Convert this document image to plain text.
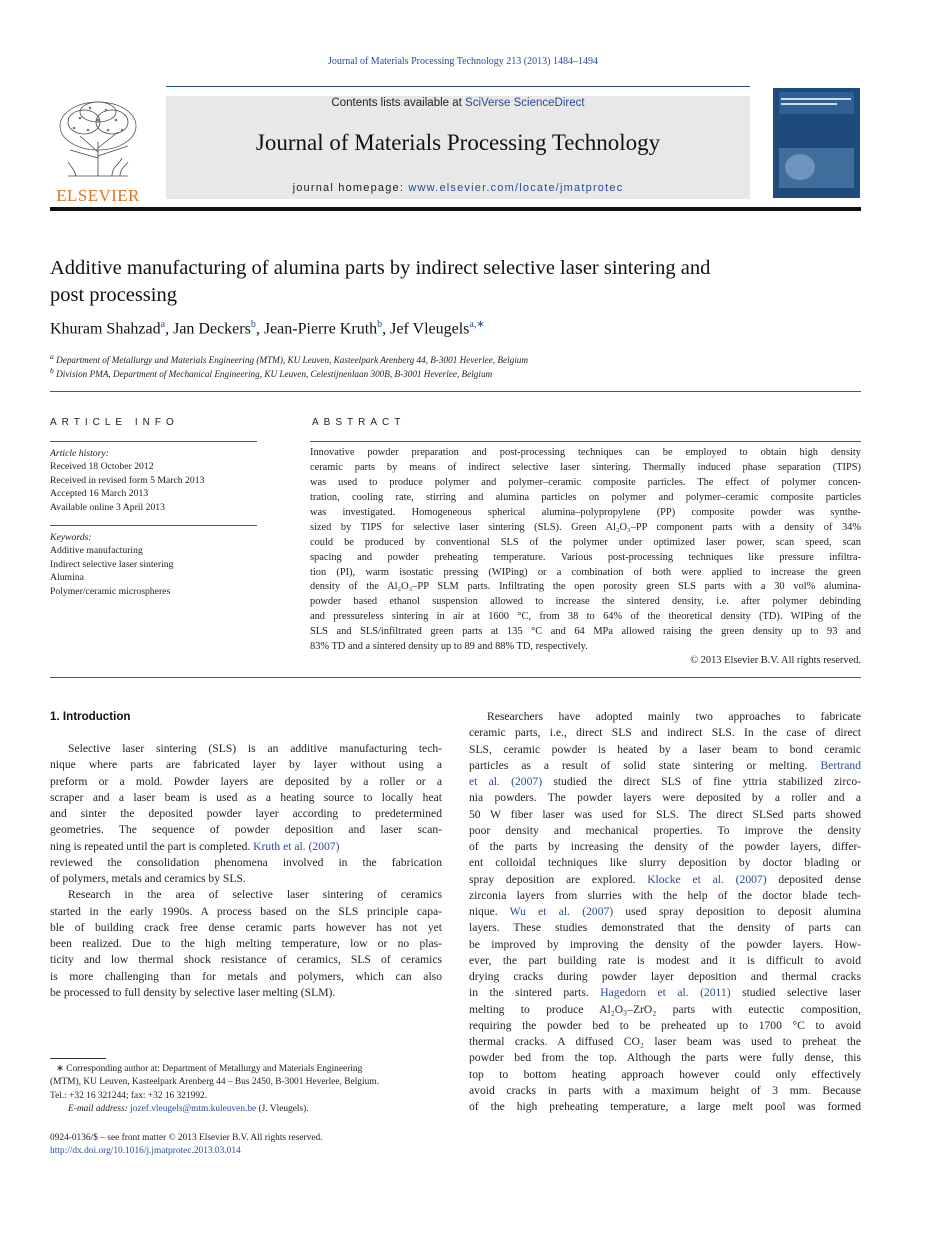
Journal of Materials Processing Technology 213 (2013) 1484–1494
ELSEVIER
Contents lists available at SciVerse ScienceDirect
Journal of Materials Processing Technology
journal homepage: www.elsevier.com/locate/jmatprotec
Additive manufacturing of alumina parts by indirect selective laser sintering and
post processing
Khuram Shahzad$^a$, Jan Deckers$^b$, Jean-Pierre Kruth$^b$, Jef Vleugels$^{a,∗}$
$^a$ Department of Metallurgy and Materials Engineering (MTM), KU Leuven, Kasteelpark Arenberg 44, B-3001 Heverlee, Belgium
$^b$ Division PMA, Department of Mechanical Engineering, KU Leuven, Celestijnenlaan 300B, B-3001 Heverlee, Belgium
ARTICLE INFO
Article history:
Received 18 October 2012
Received in revised form 5 March 2013
Accepted 16 March 2013
Available online 3 April 2013
Keywords:
Additive manufacturing
Indirect selective laser sintering
Alumina
Polymer/ceramic microspheres
ABSTRACT
Innovative powder preparation and post-processing techniques can be employed to obtain high density
ceramic parts by means of indirect selective laser sintering. Thermally induced phase separation (TIPS)
was used to produce polymer and polymer–ceramic composite particles. The effect of polymer concen-
tration, cooling rate, stirring and alumina particles on polymer and polymer–ceramic composite particles
was investigated. Homogeneous spherical alumina–polypropylene (PP) composite powder was synthe-
sized by TIPS for selective laser sintering (SLS). Green Al₂O₃–PP component parts with a density of 34%
could be produced by conventional SLS of the polymer under optimized laser power, scan speed, scan
spacing and powder preheating temperature. Various post-processing techniques like pressure infiltra-
tion (PI), warm isostatic pressing (WIPing) or a combination of both were applied to increase the green
density of the Al₂O₃–PP SLM parts. Infiltrating the open porosity green SLS parts with a 30 vol% alumina-
powder based ethanol suspension allowed to increase the sintered density, i.e. after polymer debinding
and pressureless sintering in air at 1600 °C, from 38 to 64% of the theoretical density (TD). WIPing of the
SLS and SLS/infiltrated green parts at 135 °C and 64 MPa allowed raising the green density up to 93 and
83% TD and a sintered density up to 89 and 88% TD, respectively.
© 2013 Elsevier B.V. All rights reserved.
1. Introduction
Selective laser sintering (SLS) is an additive manufacturing tech-
nique where parts are fabricated layer by layer without using a
preform or a mold. Powder layers are deposited by a roller or a
scraper and a laser beam is used as a heating source to locally heat
and sinter the deposited powder layer according to predetermined
geometries. The sequence of powder deposition and laser scan-
ning is repeated until the part is completed. Kruth et al. (2007)
reviewed the consolidation phenomena involved in the fabrication
of polymers, metals and ceramics by SLS.
Research in the area of selective laser sintering of ceramics
started in the early 1990s. A process based on the SLS principle capa-
ble of building crack free dense ceramic parts however has not yet
been realized. Due to the high melting temperature, low or no plas-
ticity and low thermal shock resistance of ceramics, SLS of ceramics
is more challenging than for metals and polymers, which can also
be processed to full density by selective laser melting (SLM).
Researchers have adopted mainly two approaches to fabricate
ceramic parts, i.e., direct SLS and indirect SLS. In the case of direct
SLS, ceramic powder is heated by a laser beam to bond ceramic
particles as a result of solid state sintering or melting. Bertrand
et al. (2007) studied the direct SLS of fine yttria stabilized zirco-
nia powders. The powder layers were deposited by a roller and a
50 W fiber laser was used for SLS. The direct SLSed parts showed
poor density and mechanical properties. To improve the density
of the parts by increasing the density of the powder layers, differ-
ent colloidal techniques like slurry deposition by doctor blading or
spray deposition are explored. Klocke et al. (2007) deposited dense
zirconia layers from slurries with the help of the doctor blade tech-
nique. Wu et al. (2007) used spray deposition to deposit alumina
layers. These studies demonstrated that the density of parts can
be improved by improving the density of the powder layers. How-
ever, the part building rate is modest and it is difficult to avoid
drying cracks during powder layer deposition and thermal cracks
in the sintered parts. Hagedorn et al. (2011) studied selective laser
melting to produce Al₂O₃–ZrO₂ parts with eutectic composition,
requiring the powder bed to be preheated up to 1700 °C to avoid
thermal cracks. A diffused CO₂ laser beam was used to preheat the
powder bed from the top. Although the parts were fully dense, this
top to bottom heating approach however could only effectively
avoid cracks in parts with a maximum height of 3 mm. Because
of the high preheating temperature, a large melt pool was formed
∗ Corresponding author at: Department of Metallurgy and Materials Engineering
(MTM), KU Leuven, Kasteelpark Arenberg 44 – Bus 2450, B-3001 Heverlee, Belgium.
Tel.: +32 16 321244; fax: +32 16 321992.
E-mail address: jozef.vleugels@mtm.kuleuven.be (J. Vleugels).
0924-0136/$ – see front matter © 2013 Elsevier B.V. All rights reserved.
http://dx.doi.org/10.1016/j.jmatprotec.2013.03.014
